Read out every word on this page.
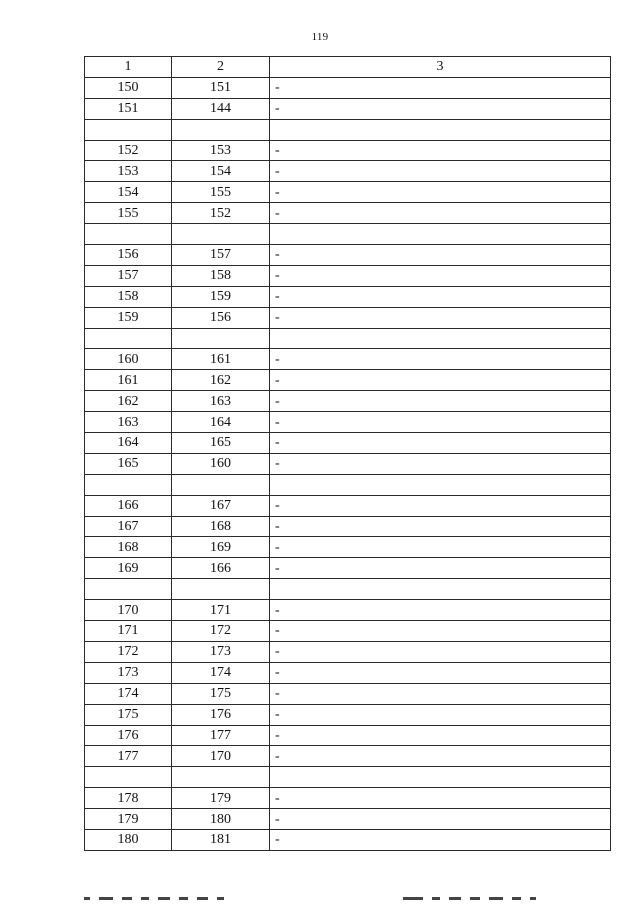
119
1	2	3
150	151	-
151	144	-

152	153	-
153	154	-
154	155	-
155	152	-

156	157	-
157	158	-
158	159	-
159	156	-

160	161	-
161	162	-
162	163	-
163	164	-
164	165	-
165	160	-

166	167	-
167	168	-
168	169	-
169	166	-

170	171	-
171	172	-
172	173	-
173	174	-
174	175	-
175	176	-
176	177	-
177	170	-

178	179	-
179	180	-
180	181	-
